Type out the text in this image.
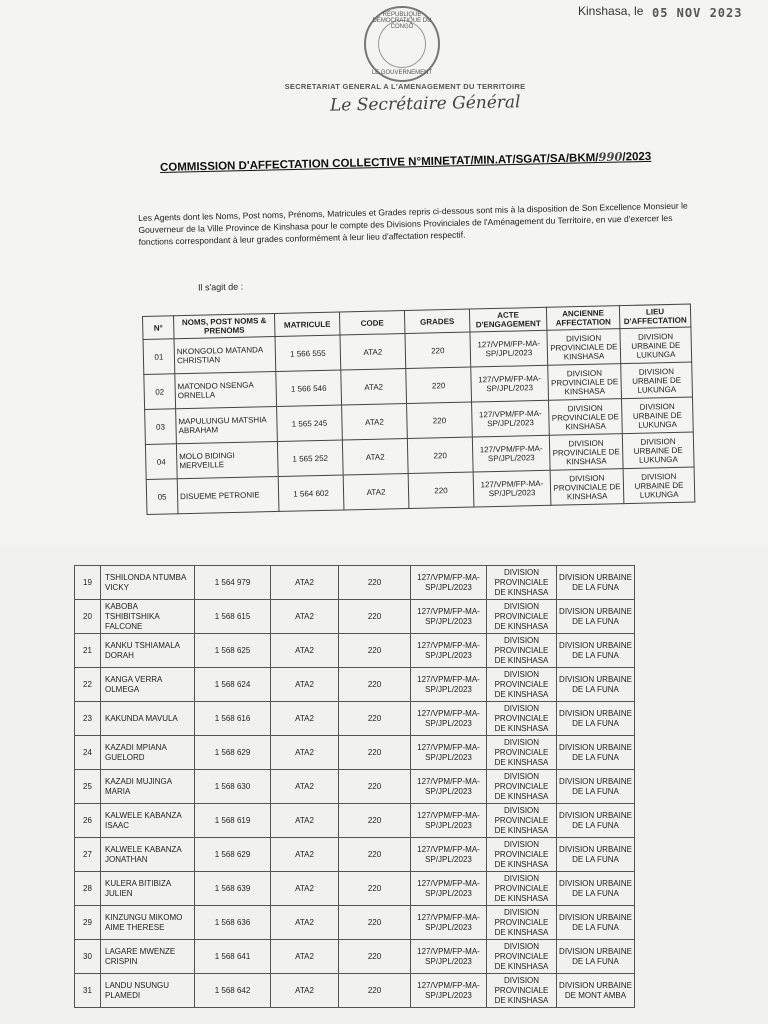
RÉPUBLIQUE DÉMOCRATIQUE DU CONGO
LE GOUVERNEMENT
Kinshasa, le 05 NOV 2023
SECRETARIAT GENERAL A L'AMENAGEMENT DU TERRITOIRE
Le Secrétaire Général
COMMISSION D'AFFECTATION COLLECTIVE N°MINETAT/MIN.AT/SGAT/SA/BKM/990/2023
Les Agents dont les Noms, Post noms, Prénoms, Matricules et Grades repris ci-dessous sont mis à la disposition de Son Excellence Monsieur le Gouverneur de la Ville Province de Kinshasa pour le compte des Divisions Provinciales de l'Aménagement du Territoire, en vue d'exercer les fonctions correspondant à leur grades conformément à leur lieu d'affectation respectif.
Il s'agit de :
N°	NOMS, POST NOMS & PRENOMS	MATRICULE	CODE	GRADES	ACTE D'ENGAGEMENT	ANCIENNE AFFECTATION	LIEU D'AFFECTATION
01	NKONGOLO MATANDA CHRISTIAN	1 566 555	ATA2	220	127/VPM/FP-MA-SP/JPL/2023	DIVISION PROVINCIALE DE KINSHASA	DIVISION URBAINE DE LUKUNGA
02	MATONDO NSENGA ORNELLA	1 566 546	ATA2	220	127/VPM/FP-MA-SP/JPL/2023	DIVISION PROVINCIALE DE KINSHASA	DIVISION URBAINE DE LUKUNGA
03	MAPULUNGU MATSHIA ABRAHAM	1 565 245	ATA2	220	127/VPM/FP-MA-SP/JPL/2023	DIVISION PROVINCIALE DE KINSHASA	DIVISION URBAINE DE LUKUNGA
04	MOLO BIDINGI MERVEILLE	1 565 252	ATA2	220	127/VPM/FP-MA-SP/JPL/2023	DIVISION PROVINCIALE DE KINSHASA	DIVISION URBAINE DE LUKUNGA
05	DISUEME PETRONIE	1 564 602	ATA2	220	127/VPM/FP-MA-SP/JPL/2023	DIVISION PROVINCIALE DE KINSHASA	DIVISION URBAINE DE LUKUNGA
19	TSHILONDA NTUMBA VICKY	1 564 979	ATA2	220	127/VPM/FP-MA-SP/JPL/2023	DIVISION PROVINCIALE DE KINSHASA	DIVISION URBAINE DE LA FUNA
20	KABOBA TSHIBITSHIKA FALCONE	1 568 615	ATA2	220	127/VPM/FP-MA-SP/JPL/2023	DIVISION PROVINCIALE DE KINSHASA	DIVISION URBAINE DE LA FUNA
21	KANKU TSHIAMALA DORAH	1 568 625	ATA2	220	127/VPM/FP-MA-SP/JPL/2023	DIVISION PROVINCIALE DE KINSHASA	DIVISION URBAINE DE LA FUNA
22	KANGA VERRA OLMEGA	1 568 624	ATA2	220	127/VPM/FP-MA-SP/JPL/2023	DIVISION PROVINCIALE DE KINSHASA	DIVISION URBAINE DE LA FUNA
23	KAKUNDA MAVULA	1 568 616	ATA2	220	127/VPM/FP-MA-SP/JPL/2023	DIVISION PROVINCIALE DE KINSHASA	DIVISION URBAINE DE LA FUNA
24	KAZADI MPIANA GUELORD	1 568 629	ATA2	220	127/VPM/FP-MA-SP/JPL/2023	DIVISION PROVINCIALE DE KINSHASA	DIVISION URBAINE DE LA FUNA
25	KAZADI MUJINGA MARIA	1 568 630	ATA2	220	127/VPM/FP-MA-SP/JPL/2023	DIVISION PROVINCIALE DE KINSHASA	DIVISION URBAINE DE LA FUNA
26	KALWELE KABANZA ISAAC	1 568 619	ATA2	220	127/VPM/FP-MA-SP/JPL/2023	DIVISION PROVINCIALE DE KINSHASA	DIVISION URBAINE DE LA FUNA
27	KALWELE KABANZA JONATHAN	1 568 629	ATA2	220	127/VPM/FP-MA-SP/JPL/2023	DIVISION PROVINCIALE DE KINSHASA	DIVISION URBAINE DE LA FUNA
28	KULERA BITIBIZA JULIEN	1 568 639	ATA2	220	127/VPM/FP-MA-SP/JPL/2023	DIVISION PROVINCIALE DE KINSHASA	DIVISION URBAINE DE LA FUNA
29	KINZUNGU MIKOMO AIME THERESE	1 568 636	ATA2	220	127/VPM/FP-MA-SP/JPL/2023	DIVISION PROVINCIALE DE KINSHASA	DIVISION URBAINE DE LA FUNA
30	LAGARE MWENZE CRISPIN	1 568 641	ATA2	220	127/VPM/FP-MA-SP/JPL/2023	DIVISION PROVINCIALE DE KINSHASA	DIVISION URBAINE DE LA FUNA
31	LANDU NSUNGU PLAMEDI	1 568 642	ATA2	220	127/VPM/FP-MA-SP/JPL/2023	DIVISION PROVINCIALE DE KINSHASA	DIVISION URBAINE DE MONT AMBA
